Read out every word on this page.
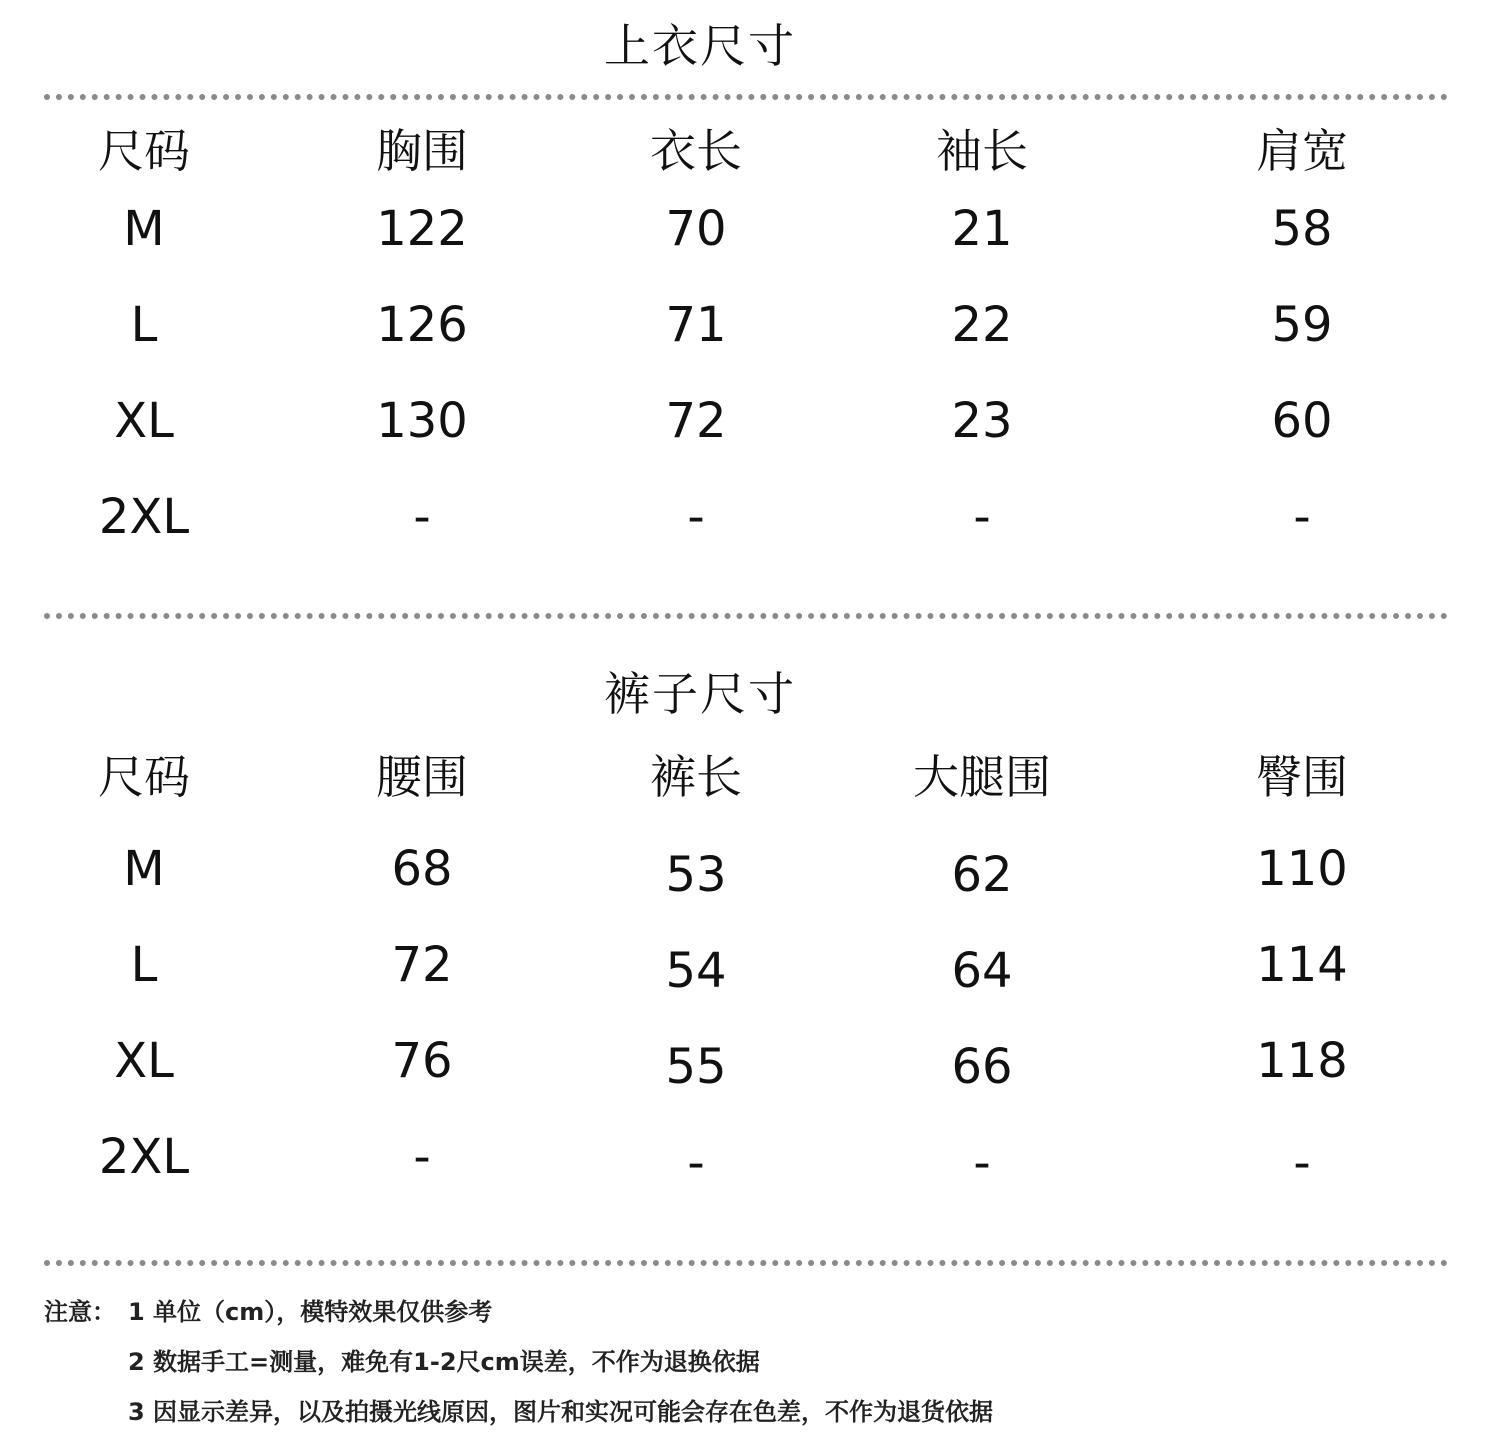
上衣尺寸
尺码	胸围	衣长	袖长	肩宽
M	122	70	21	58
L	126	71	22	59
XL	130	72	23	60
2XL	-	-	-	-
裤子尺寸
尺码	腰围	裤长	大腿围	臀围
M	68	53	62	110
L	72	54	64	114
XL	76	55	66	118
2XL	-	-	-	-
注意： 1 单位（cm），模特效果仅供参考
2 数据手工=测量，难免有1-2尺cm误差，不作为退换依据
3 因显示差异，以及拍摄光线原因，图片和实况可能会存在色差，不作为退货依据
